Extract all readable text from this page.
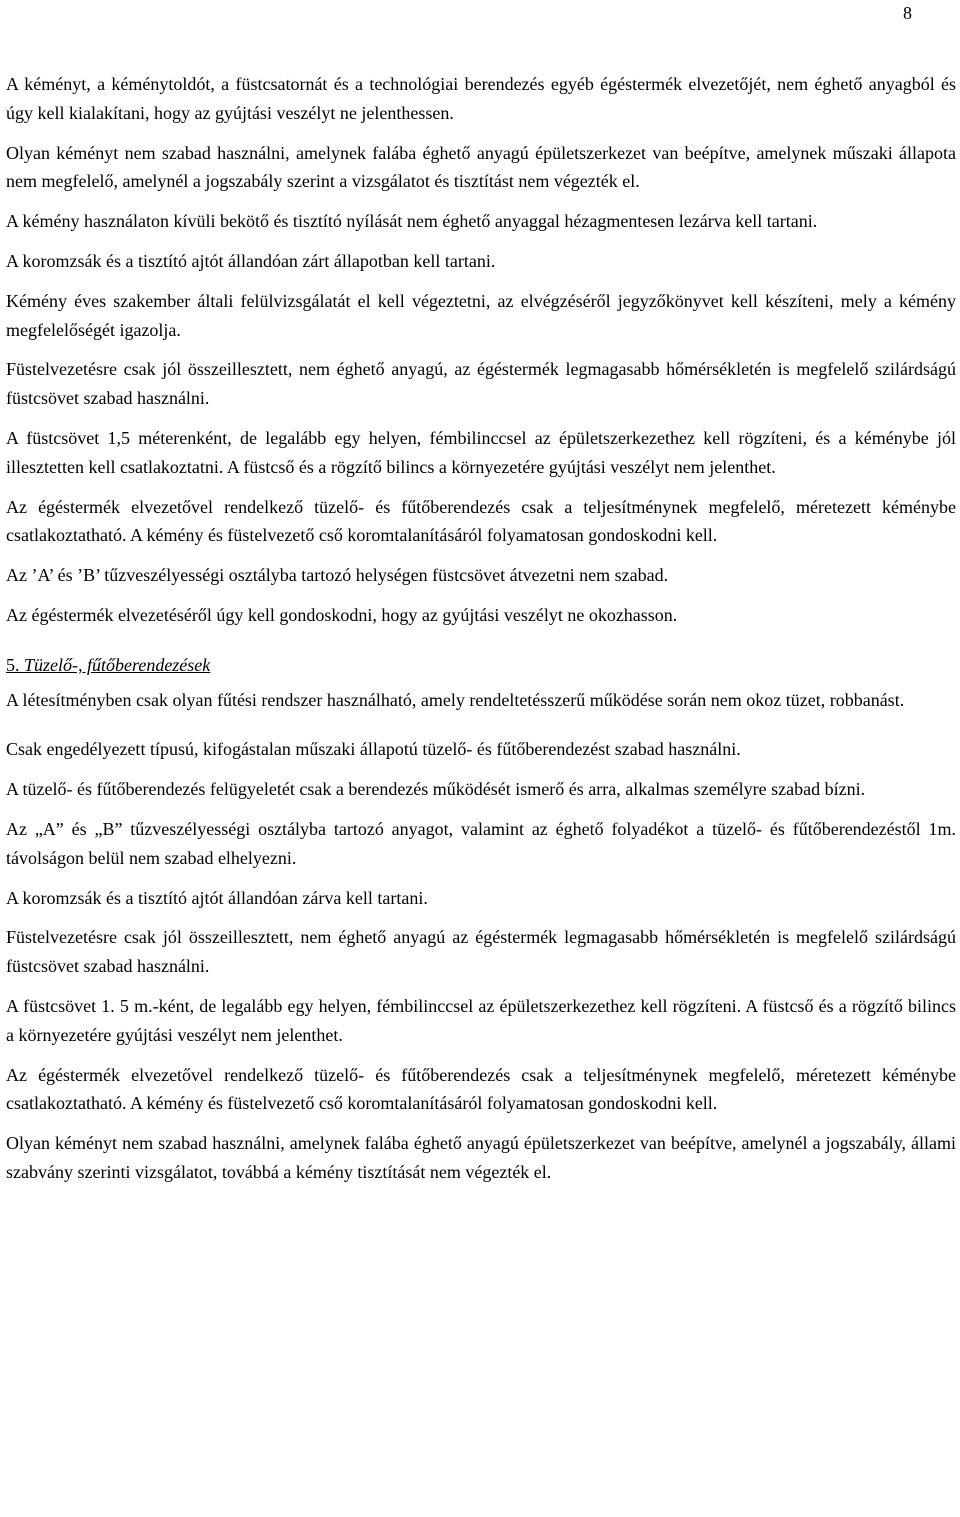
8

A kéményt, a kéménytoldót, a füstcsatornát és a technológiai berendezés egyéb égéstermék elvezetőjét, nem éghető anyagból és úgy kell kialakítani, hogy az gyújtási veszélyt ne jelenthessen.

Olyan kéményt nem szabad használni, amelynek falába éghető anyagú épületszerkezet van beépítve, amelynek műszaki állapota nem megfelelő, amelynél a jogszabály szerint a vizsgálatot és tisztítást nem végezték el.

A kémény használaton kívüli bekötő és tisztító nyílását nem éghető anyaggal hézagmentesen lezárva kell tartani.

A koromzsák és a tisztító ajtót állandóan zárt állapotban kell tartani.

Kémény éves szakember általi felülvizsgálatát el kell végeztetni, az elvégzéséről jegyzőkönyvet kell készíteni, mely a kémény megfelelőségét igazolja.

Füstelvezetésre csak jól összeillesztett, nem éghető anyagú, az égéstermék legmagasabb hőmérsékletén is megfelelő szilárdságú füstcsövet szabad használni.

A füstcsövet 1,5 méterenként, de legalább egy helyen, fémbilinccsel az épületszerkezethez kell rögzíteni, és a kéménybe jól illesztetten kell csatlakoztatni. A füstcső és a rögzítő bilincs a környezetére gyújtási veszélyt nem jelenthet.

Az égéstermék elvezetővel rendelkező tüzelő- és fűtőberendezés csak a teljesítménynek megfelelő, méretezett kéménybe csatlakoztatható. A kémény és füstelvezető cső koromtalanításáról folyamatosan gondoskodni kell.

Az ’A’ és ’B’ tűzveszélyességi osztályba tartozó helységen füstcsövet átvezetni nem szabad.

Az égéstermék elvezetéséről úgy kell gondoskodni, hogy az gyújtási veszélyt ne okozhasson.

5. Tüzelő-, fűtőberendezések

A létesítményben csak olyan fűtési rendszer használható, amely rendeltetésszerű működése során nem okoz tüzet, robbanást.

Csak engedélyezett típusú, kifogástalan műszaki állapotú tüzelő- és fűtőberendezést szabad használni.

A tüzelő- és fűtőberendezés felügyeletét csak a berendezés működését ismerő és arra, alkalmas személyre szabad bízni.

Az „A” és „B” tűzveszélyességi osztályba tartozó anyagot, valamint az éghető folyadékot a tüzelő- és fűtőberendezéstől 1m. távolságon belül nem szabad elhelyezni.

A koromzsák és a tisztító ajtót állandóan zárva kell tartani.

Füstelvezetésre csak jól összeillesztett, nem éghető anyagú az égéstermék legmagasabb hőmérsékletén is megfelelő szilárdságú füstcsövet szabad használni.

A füstcsövet 1. 5 m.-ként, de legalább egy helyen, fémbilinccsel az épületszerkezethez kell rögzíteni. A füstcső és a rögzítő bilincs a környezetére gyújtási veszélyt nem jelenthet.

Az égéstermék elvezetővel rendelkező tüzelő- és fűtőberendezés csak a teljesítménynek megfelelő, méretezett kéménybe csatlakoztatható. A kémény és füstelvezető cső koromtalanításáról folyamatosan gondoskodni kell.

Olyan kéményt nem szabad használni, amelynek falába éghető anyagú épületszerkezet van beépítve, amelynél a jogszabály, állami szabvány szerinti vizsgálatot, továbbá a kémény tisztítását nem végezték el.
